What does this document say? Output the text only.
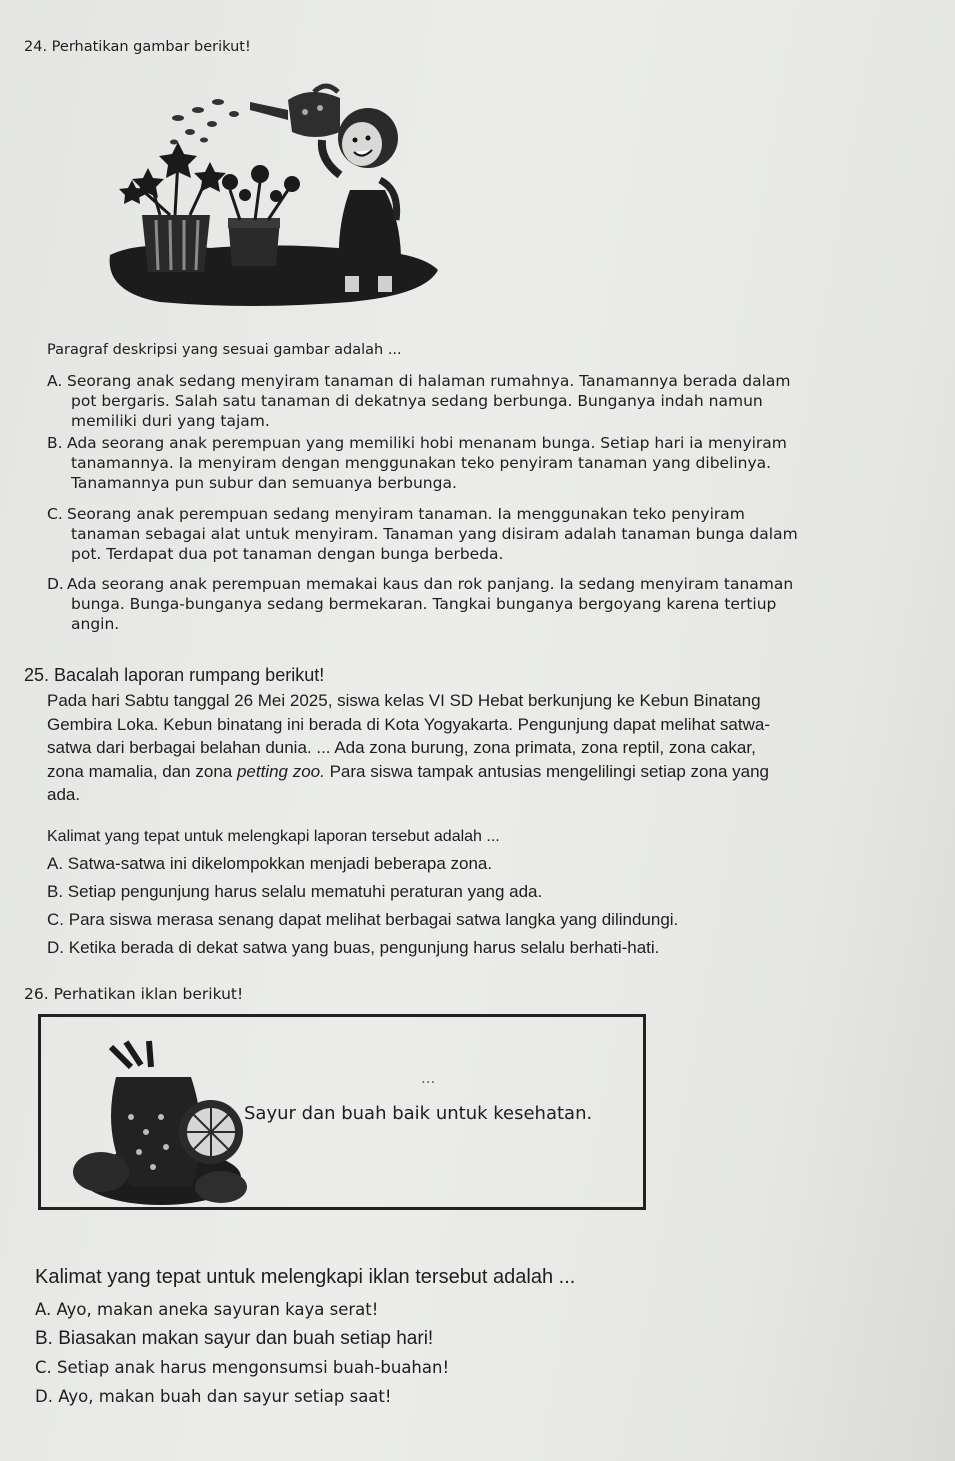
24. Perhatikan gambar berikut!
Paragraf deskripsi yang sesuai gambar adalah ...
A. Seorang anak sedang menyiram tanaman di halaman rumahnya. Tanamannya berada dalam
pot bergaris. Salah satu tanaman di dekatnya sedang berbunga. Bunganya indah namun
memiliki duri yang tajam.
B. Ada seorang anak perempuan yang memiliki hobi menanam bunga. Setiap hari ia menyiram
tanamannya. Ia menyiram dengan menggunakan teko penyiram tanaman yang dibelinya.
Tanamannya pun subur dan semuanya berbunga.
C. Seorang anak perempuan sedang menyiram tanaman. Ia menggunakan teko penyiram
tanaman sebagai alat untuk menyiram. Tanaman yang disiram adalah tanaman bunga dalam
pot. Terdapat dua pot tanaman dengan bunga berbeda.
D. Ada seorang anak perempuan memakai kaus dan rok panjang. Ia sedang menyiram tanaman
bunga. Bunga-bunganya sedang bermekaran. Tangkai bunganya bergoyang karena tertiup
angin.
25. Bacalah laporan rumpang berikut!

Pada hari Sabtu tanggal 26 Mei 2025, siswa kelas VI SD Hebat berkunjung ke Kebun Binatang

Gembira Loka. Kebun binatang ini berada di Kota Yogyakarta. Pengunjung dapat melihat satwa-

satwa dari berbagai belahan dunia. ... Ada zona burung, zona primata, zona reptil, zona cakar,

zona mamalia, dan zona petting zoo. Para siswa tampak antusias mengelilingi setiap zona yang

ada.

Kalimat yang tepat untuk melengkapi laporan tersebut adalah ...
A. Satwa-satwa ini dikelompokkan menjadi beberapa zona.
B. Setiap pengunjung harus selalu mematuhi peraturan yang ada.
C. Para siswa merasa senang dapat melihat berbagai satwa langka yang dilindungi.
D. Ketika berada di dekat satwa yang buas, pengunjung harus selalu berhati-hati.
26. Perhatikan iklan berikut!
...
Sayur dan buah baik untuk kesehatan.
Kalimat yang tepat untuk melengkapi iklan tersebut adalah ...
A. Ayo, makan aneka sayuran kaya serat!
B. Biasakan makan sayur dan buah setiap hari!
C. Setiap anak harus mengonsumsi buah-buahan!
D. Ayo, makan buah dan sayur setiap saat!
